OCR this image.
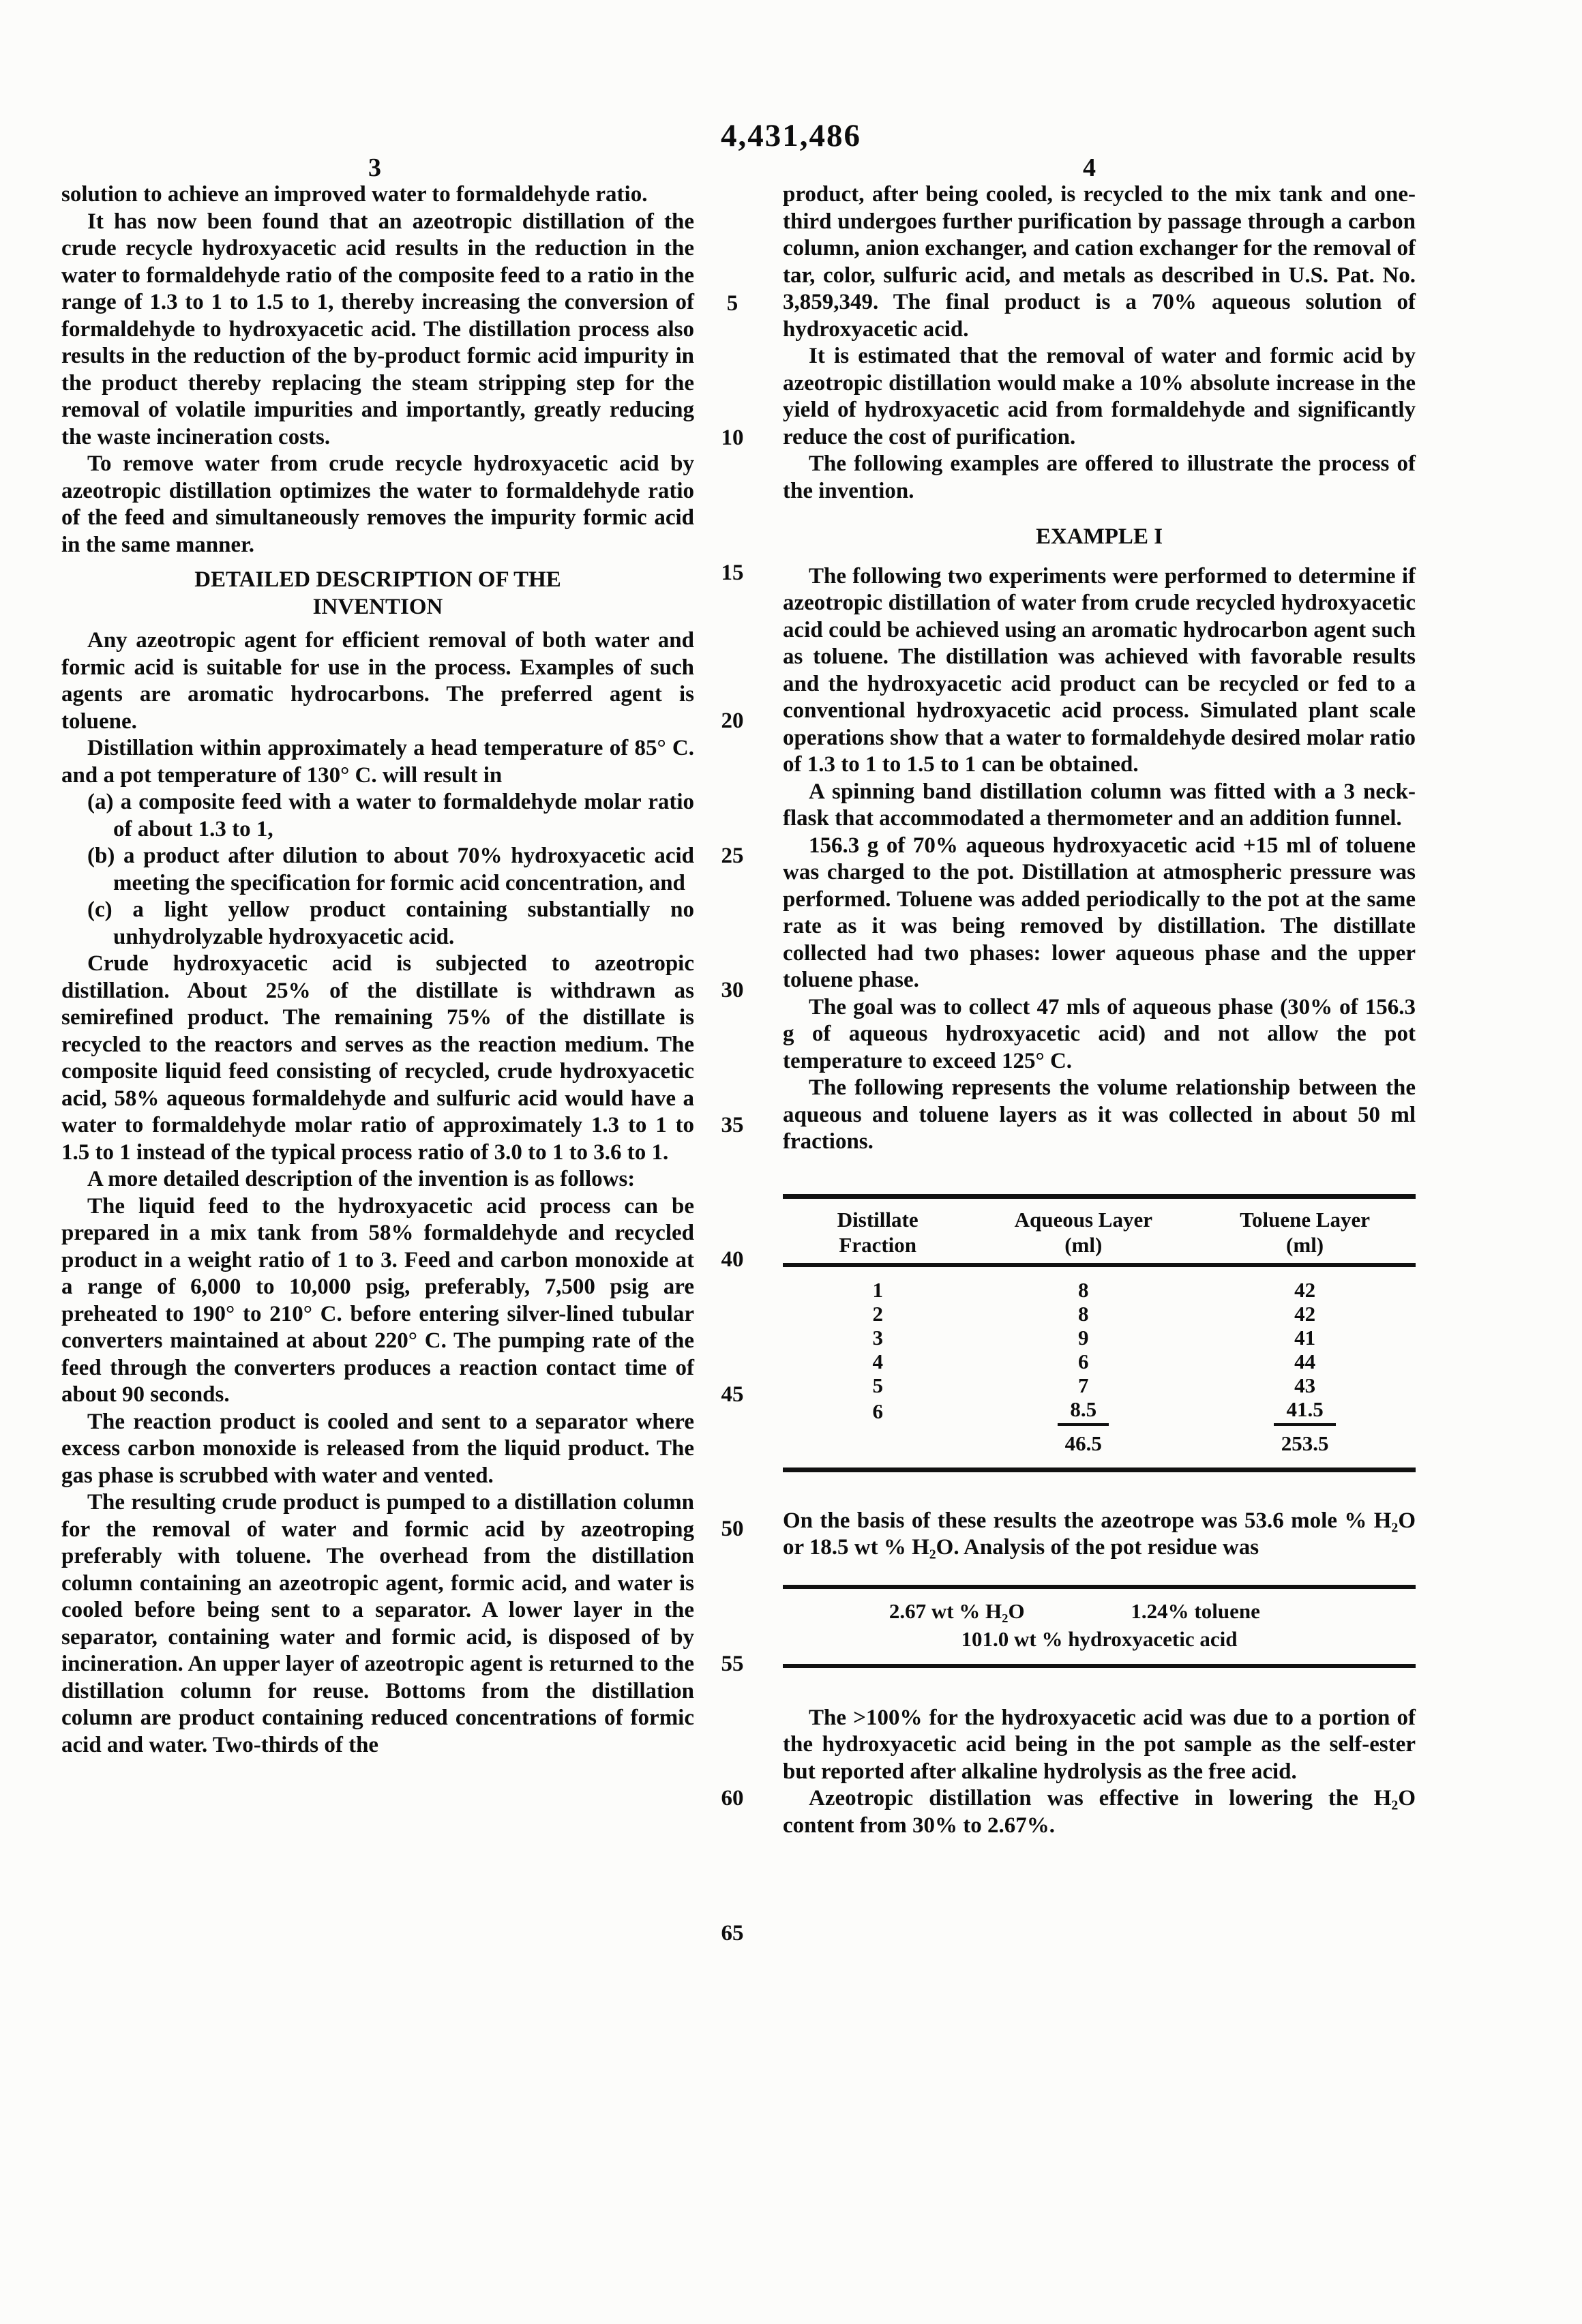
4,431,486
3	4
5
10
15
20
25
30
35
40
45
50
55
60
65

solution to achieve an improved water to formaldehyde ratio.

It has now been found that an azeotropic distillation of the crude recycle hydroxyacetic acid results in the reduction in the water to formaldehyde ratio of the composite feed to a ratio in the range of 1.3 to 1 to 1.5 to 1, thereby increasing the conversion of formaldehyde to hydroxyacetic acid. The distillation process also results in the reduction of the by-product formic acid impurity in the product thereby replacing the steam stripping step for the removal of volatile impurities and importantly, greatly reducing the waste incineration costs.

To remove water from crude recycle hydroxyacetic acid by azeotropic distillation optimizes the water to formaldehyde ratio of the feed and simultaneously removes the impurity formic acid in the same manner.

DETAILED DESCRIPTION OF THE
INVENTION

Any azeotropic agent for efficient removal of both water and formic acid is suitable for use in the process. Examples of such agents are aromatic hydrocarbons. The preferred agent is toluene.

Distillation within approximately a head temperature of 85° C. and a pot temperature of 130° C. will result in

(a) a composite feed with a water to formaldehyde molar ratio of about 1.3 to 1,
(b) a product after dilution to about 70% hydroxyacetic acid meeting the specification for formic acid concentration, and
(c) a light yellow product containing substantially no unhydrolyzable hydroxyacetic acid.

Crude hydroxyacetic acid is subjected to azeotropic distillation. About 25% of the distillate is withdrawn as semirefined product. The remaining 75% of the distillate is recycled to the reactors and serves as the reaction medium. The composite liquid feed consisting of recycled, crude hydroxyacetic acid, 58% aqueous formaldehyde and sulfuric acid would have a water to formaldehyde molar ratio of approximately 1.3 to 1 to 1.5 to 1 instead of the typical process ratio of 3.0 to 1 to 3.6 to 1.

A more detailed description of the invention is as follows:

The liquid feed to the hydroxyacetic acid process can be prepared in a mix tank from 58% formaldehyde and recycled product in a weight ratio of 1 to 3. Feed and carbon monoxide at a range of 6,000 to 10,000 psig, preferably, 7,500 psig are preheated to 190° to 210° C. before entering silver-lined tubular converters maintained at about 220° C. The pumping rate of the feed through the converters produces a reaction contact time of about 90 seconds.

The reaction product is cooled and sent to a separator where excess carbon monoxide is released from the liquid product. The gas phase is scrubbed with water and vented.

The resulting crude product is pumped to a distillation column for the removal of water and formic acid by azeotroping preferably with toluene. The overhead from the distillation column containing an azeotropic agent, formic acid, and water is cooled before being sent to a separator. A lower layer in the separator, containing water and formic acid, is disposed of by incineration. An upper layer of azeotropic agent is returned to the distillation column for reuse. Bottoms from the distillation column are product containing reduced concentrations of formic acid and water. Two-thirds of the

product, after being cooled, is recycled to the mix tank and one-third undergoes further purification by passage through a carbon column, anion exchanger, and cation exchanger for the removal of tar, color, sulfuric acid, and metals as described in U.S. Pat. No. 3,859,349. The final product is a 70% aqueous solution of hydroxyacetic acid.

It is estimated that the removal of water and formic acid by azeotropic distillation would make a 10% absolute increase in the yield of hydroxyacetic acid from formaldehyde and significantly reduce the cost of purification.

The following examples are offered to illustrate the process of the invention.

EXAMPLE I

The following two experiments were performed to determine if azeotropic distillation of water from crude recycled hydroxyacetic acid could be achieved using an aromatic hydrocarbon agent such as toluene. The distillation was achieved with favorable results and the hydroxyacetic acid product can be recycled or fed to a conventional hydroxyacetic acid process. Simulated plant scale operations show that a water to formaldehyde desired molar ratio of 1.3 to 1 to 1.5 to 1 can be obtained.

A spinning band distillation column was fitted with a 3 neck-flask that accommodated a thermometer and an addition funnel.

156.3 g of 70% aqueous hydroxyacetic acid +15 ml of toluene was charged to the pot. Distillation at atmospheric pressure was performed. Toluene was added periodically to the pot at the same rate as it was being removed by distillation. The distillate collected had two phases: lower aqueous phase and the upper toluene phase.

The goal was to collect 47 mls of aqueous phase (30% of 156.3 g of aqueous hydroxyacetic acid) and not allow the pot temperature to exceed 125° C.

The following represents the volume relationship between the aqueous and toluene layers as it was collected in about 50 ml fractions.

Distillate
Fraction

Aqueous Layer
(ml)

Toluene Layer
(ml)

1	8	42
2	8	42
3	9	41
4	6	44
5	7	43
6	8.5	41.5
	46.5	253.5

On the basis of these results the azeotrope was 53.6 mole % H₂O or 18.5 wt % H₂O. Analysis of the pot residue was

2.67 wt % H₂O	1.24% toluene
101.0 wt % hydroxyacetic acid

The >100% for the hydroxyacetic acid was due to a portion of the hydroxyacetic acid being in the pot sample as the self-ester but reported after alkaline hydrolysis as the free acid.

Azeotropic distillation was effective in lowering the H₂O content from 30% to 2.67%.
